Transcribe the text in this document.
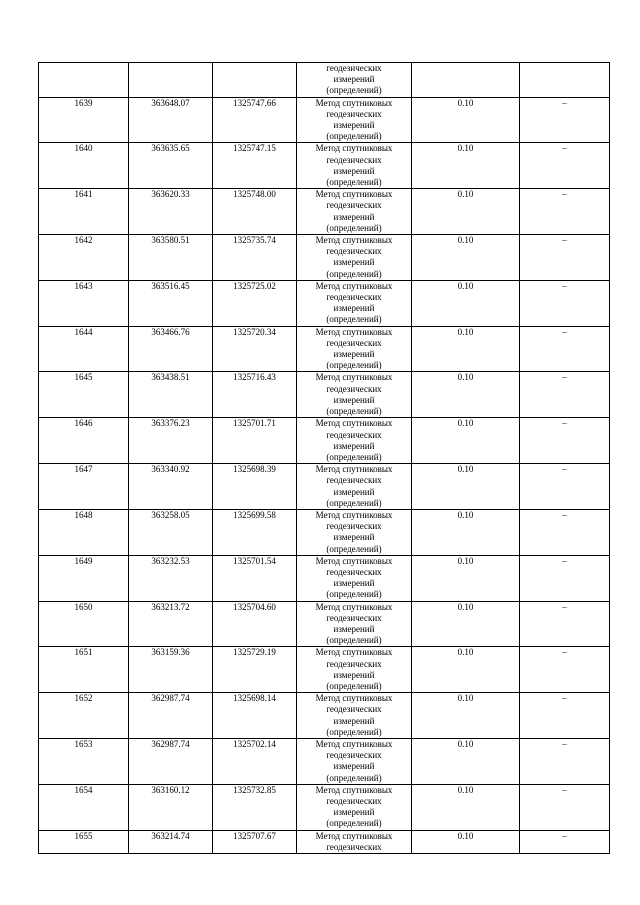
			геодезических
измерений
(определений)		
1639	363648.07	1325747.66	Метод спутниковых
геодезических
измерений
(определений)	0.10	–
1640	363635.65	1325747.15	Метод спутниковых
геодезических
измерений
(определений)	0.10	–
1641	363620.33	1325748.00	Метод спутниковых
геодезических
измерений
(определений)	0.10	–
1642	363580.51	1325735.74	Метод спутниковых
геодезических
измерений
(определений)	0.10	–
1643	363516.45	1325725.02	Метод спутниковых
геодезических
измерений
(определений)	0.10	–
1644	363466.76	1325720.34	Метод спутниковых
геодезических
измерений
(определений)	0.10	–
1645	363438.51	1325716.43	Метод спутниковых
геодезических
измерений
(определений)	0.10	–
1646	363376.23	1325701.71	Метод спутниковых
геодезических
измерений
(определений)	0.10	–
1647	363340.92	1325698.39	Метод спутниковых
геодезических
измерений
(определений)	0.10	–
1648	363258.05	1325699.58	Метод спутниковых
геодезических
измерений
(определений)	0.10	–
1649	363232.53	1325701.54	Метод спутниковых
геодезических
измерений
(определений)	0.10	–
1650	363213.72	1325704.60	Метод спутниковых
геодезических
измерений
(определений)	0.10	–
1651	363159.36	1325729.19	Метод спутниковых
геодезических
измерений
(определений)	0.10	–
1652	362987.74	1325698.14	Метод спутниковых
геодезических
измерений
(определений)	0.10	–
1653	362987.74	1325702.14	Метод спутниковых
геодезических
измерений
(определений)	0.10	–
1654	363160.12	1325732.85	Метод спутниковых
геодезических
измерений
(определений)	0.10	–
1655	363214.74	1325707.67	Метод спутниковых
геодезических	0.10	–
